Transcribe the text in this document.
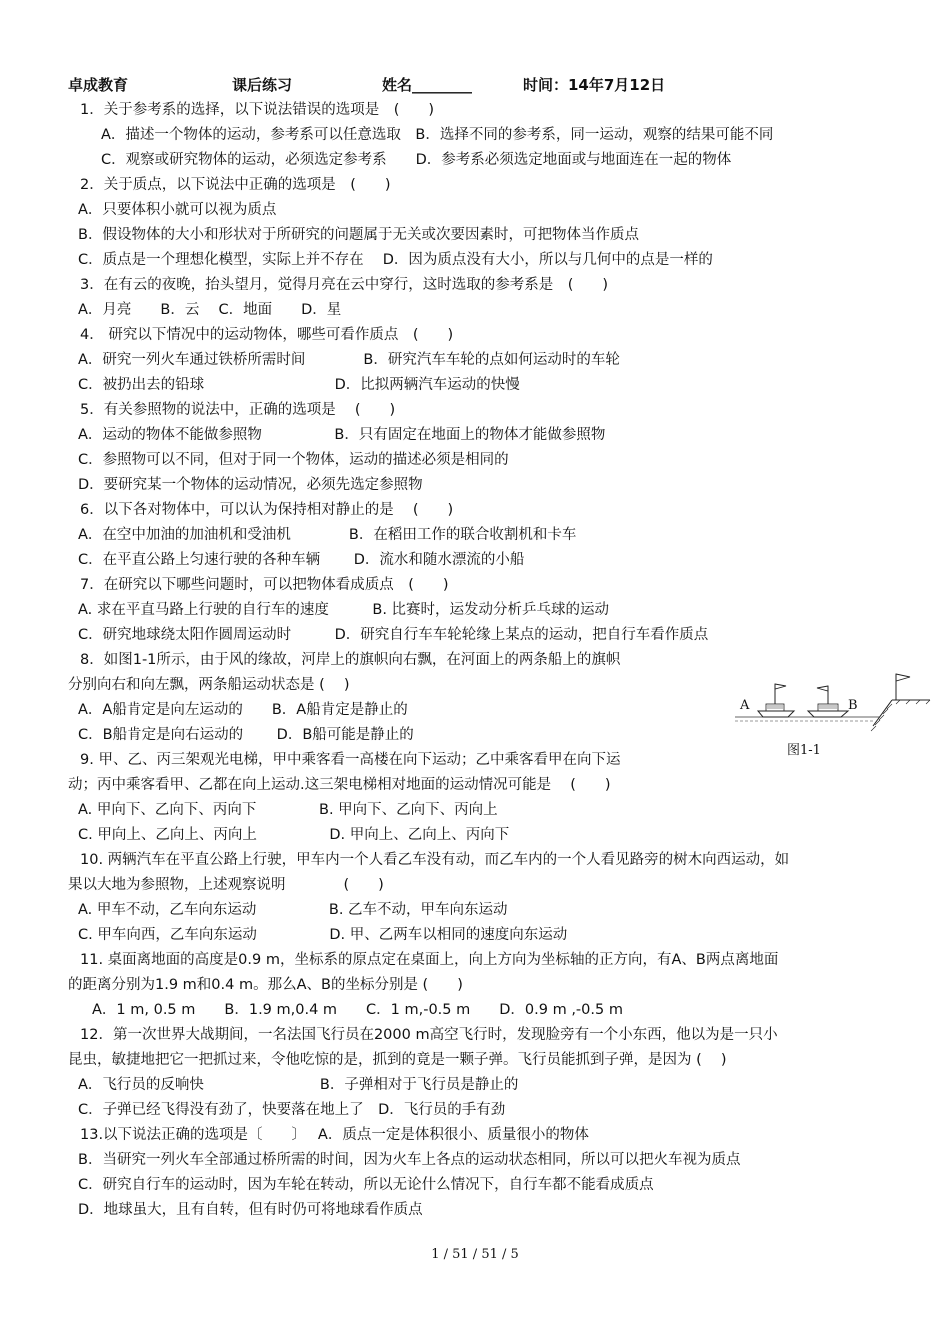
卓成教育	课后练习	姓名________	时间：14年7月12日
1．关于参考系的选择，以下说法错误的选项是　(　　)
A．描述一个物体的运动，参考系可以任意选取　B．选择不同的参考系，同一运动，观察的结果可能不同
C．观察或研究物体的运动，必须选定参考系　　D．参考系必须选定地面或与地面连在一起的物体
2．关于质点，以下说法中正确的选项是　(　　)
A．只要体积小就可以视为质点
B．假设物体的大小和形状对于所研究的问题属于无关或次要因素时，可把物体当作质点
C．质点是一个理想化模型，实际上并不存在　 D．因为质点没有大小，所以与几何中的点是一样的
3．在有云的夜晚，抬头望月，觉得月亮在云中穿行，这时选取的参考系是　(　　)
A．月亮　　B．云　 C．地面　　D．星
4． 研究以下情况中的运动物体，哪些可看作质点　(　　)
A．研究一列火车通过铁桥所需时间　　　　B．研究汽车车轮的点如何运动时的车轮
C．被扔出去的铅球　　　　　　　　　D．比拟两辆汽车运动的快慢
5．有关参照物的说法中，正确的选项是　 (　　)
A．运动的物体不能做参照物　　　　　B．只有固定在地面上的物体才能做参照物
C．参照物可以不同，但对于同一个物体，运动的描述必须是相同的
D．要研究某一个物体的运动情况，必须先选定参照物
6．以下各对物体中，可以认为保持相对静止的是　 (　　)
A．在空中加油的加油机和受油机　　　　B．在稻田工作的联合收割机和卡车
C．在平直公路上匀速行驶的各种车辆　　 D．流水和随水漂流的小船
7．在研究以下哪些问题时，可以把物体看成质点　(　　)
A. 求在平直马路上行驶的自行车的速度　　　B. 比赛时，运发动分析乒乓球的运动
C．研究地球绕太阳作圆周运动时　　　D．研究自行车车轮轮缘上某点的运动，把自行车看作质点
8．如图1-1所示，由于风的缘故，河岸上的旗帜向右飘，在河面上的两条船上的旗帜
分别向右和向左飘，两条船运动状态是 (　 )
A．A船肯定是向左运动的　　B．A船肯定是静止的
C．B船肯定是向右运动的　　 D．B船可能是静止的
9. 甲、乙、丙三架观光电梯，甲中乘客看一高楼在向下运动；乙中乘客看甲在向下运
动；丙中乘客看甲、乙都在向上运动.这三架电梯相对地面的运动情况可能是　 (　　)
A. 甲向下、乙向下、丙向下　　　　 B. 甲向下、乙向下、丙向上
C. 甲向上、乙向上、丙向上　　　　　D. 甲向上、乙向上、丙向下
10. 两辆汽车在平直公路上行驶，甲车内一个人看乙车没有动，而乙车内的一个人看见路旁的树木向西运动，如
果以大地为参照物，上述观察说明　　　　(　　)
A. 甲车不动，乙车向东运动　　　　　B. 乙车不动，甲车向东运动
C. 甲车向西，乙车向东运动　　　　　D. 甲、乙两车以相同的速度向东运动
11. 桌面离地面的高度是0.9 m，坐标系的原点定在桌面上，向上方向为坐标轴的正方向，有A、B两点离地面
的距离分别为1.9 m和0.4 m。那么A、B的坐标分别是 (　　)
A．1 m, 0.5 m　　B．1.9 m,0.4 m　　C．1 m,-0.5 m　　D．0.9 m ,-0.5 m
12．第一次世界大战期间，一名法国飞行员在2000 m高空飞行时，发现脸旁有一个小东西，他以为是一只小
昆虫，敏捷地把它一把抓过来，令他吃惊的是，抓到的竟是一颗子弹。飞行员能抓到子弹，是因为 (　 )
A．飞行员的反响快　　　　　　　　B．子弹相对于飞行员是静止的
C．子弹已经飞得没有劲了，快要落在地上了　D．飞行员的手有劲
13.以下说法正确的选项是〔　　〕　 A．质点一定是体积很小、质量很小的物体
B．当研究一列火车全部通过桥所需的时间，因为火车上各点的运动状态相同，所以可以把火车视为质点
C．研究自行车的运动时，因为车轮在转动，所以无论什么情况下，自行车都不能看成质点
D．地球虽大，且有自转，但有时仍可将地球看作质点
A	B
图1-1
1 / 51 / 51 / 5
